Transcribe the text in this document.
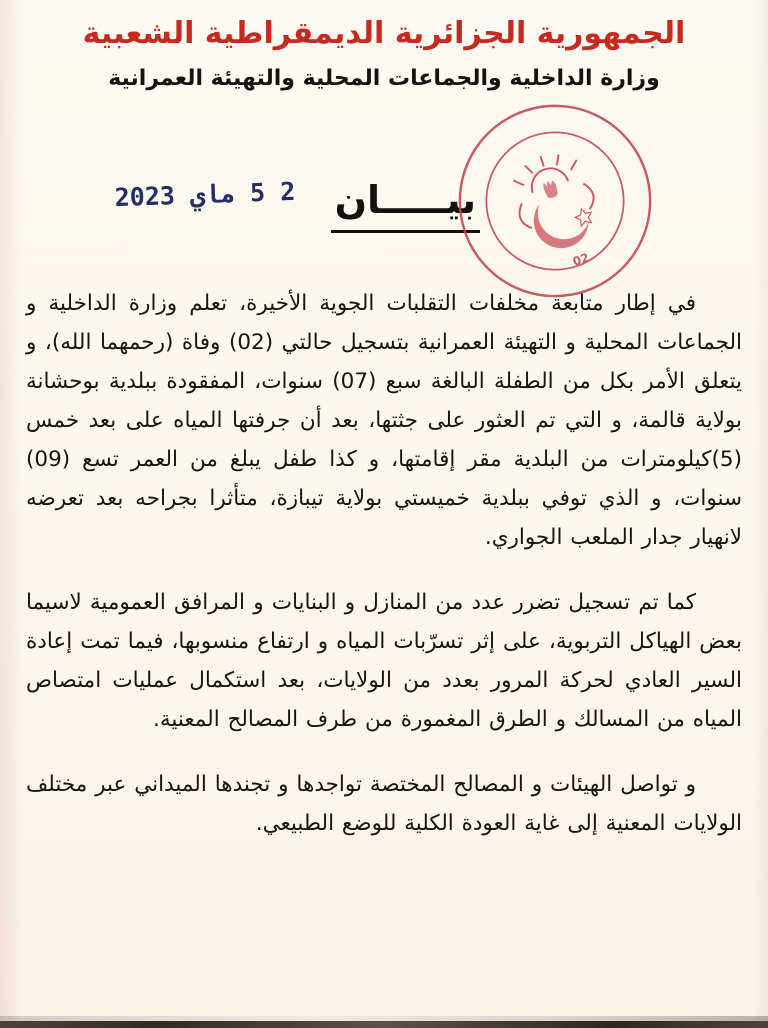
الجمهورية الجزائرية الديمقراطية الشعبية
وزارة الداخلية والجماعات المحلية والتهيئة العمرانية
2 5 ماي 2023	بيـــــان
02

في إطار متابعة مخلفات التقلبات الجوية الأخيرة، تعلم وزارة الداخلية و الجماعات المحلية و التهيئة العمرانية بتسجيل حالتي (02) وفاة (رحمهما الله)، و يتعلق الأمر بكل من الطفلة البالغة سبع (07) سنوات، المفقودة ببلدية بوحشانة بولاية قالمة، و التي تم العثور على جثتها، بعد أن جرفتها المياه على بعد خمس (5)كيلومترات من البلدية مقر إقامتها، و كذا طفل يبلغ من العمر تسع (09) سنوات، و الذي توفي ببلدية خميستي بولاية تيبازة، متأثرا بجراحه بعد تعرضه لانهيار جدار الملعب الجواري.

كما تم تسجيل تضرر عدد من المنازل و البنايات و المرافق العمومية لاسيما بعض الهياكل التربوية، على إثر تسرّبات المياه و ارتفاع منسوبها، فيما تمت إعادة السير العادي لحركة المرور بعدد من الولايات، بعد استكمال عمليات امتصاص المياه من المسالك و الطرق المغمورة من طرف المصالح المعنية.

و تواصل الهيئات و المصالح المختصة تواجدها و تجندها الميداني عبر مختلف الولايات المعنية إلى غاية العودة الكلية للوضع الطبيعي.
